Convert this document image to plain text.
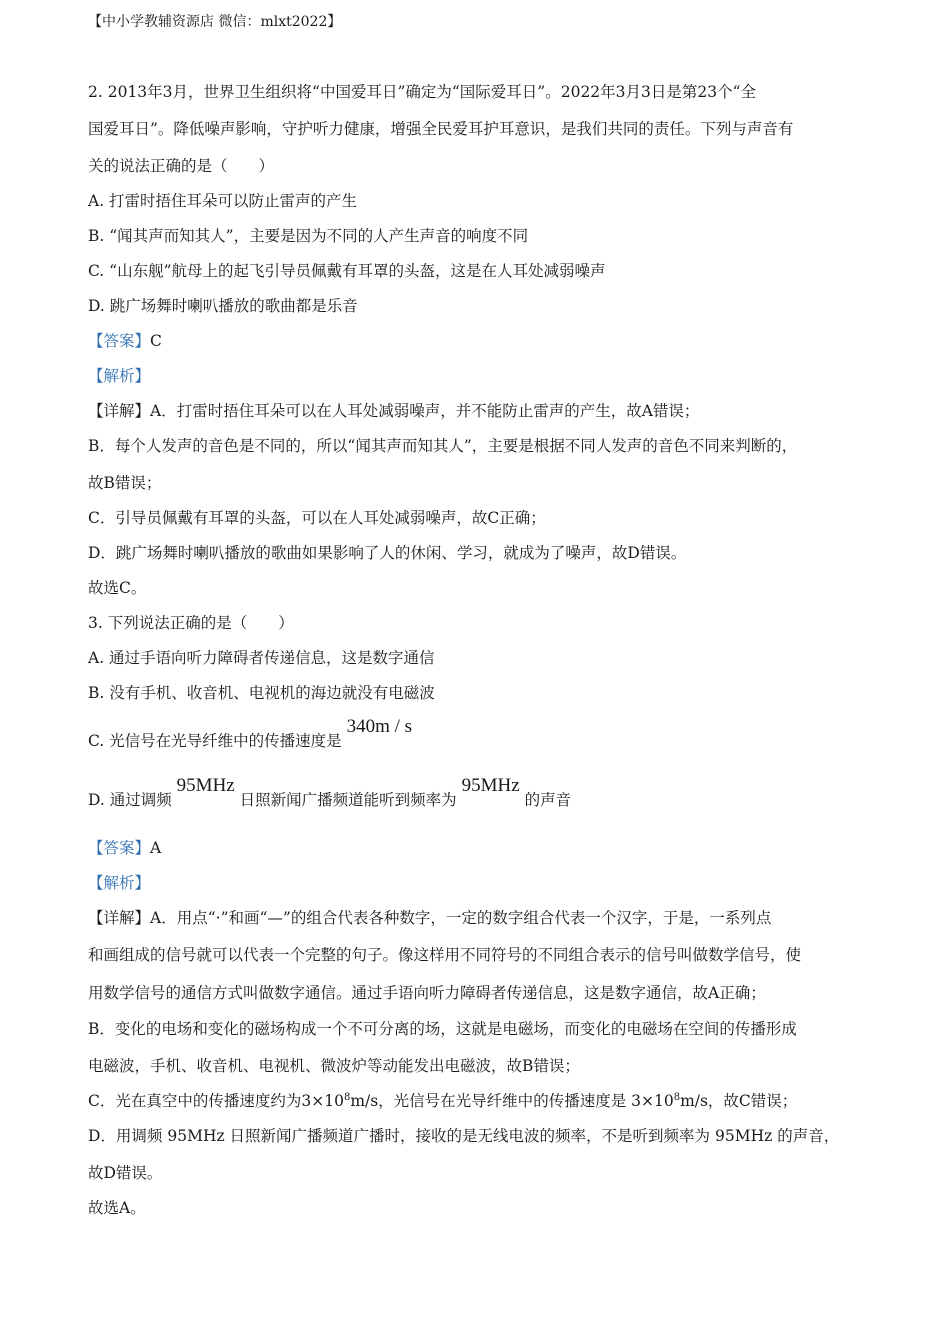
【中小学教辅资源店 微信：mlxt2022】
2. 2013年3月，世界卫生组织将“中国爱耳日”确定为“国际爱耳日”。2022年3月3日是第23个“全
国爱耳日”。降低噪声影响，守护听力健康，增强全民爱耳护耳意识，是我们共同的责任。下列与声音有
关的说法正确的是（　　）
A. 打雷时捂住耳朵可以防止雷声的产生
B. “闻其声而知其人”，主要是因为不同的人产生声音的响度不同
C. “山东舰”航母上的起飞引导员佩戴有耳罩的头盔，这是在人耳处减弱噪声
D. 跳广场舞时喇叭播放的歌曲都是乐音
【答案】C
【解析】
【详解】A．打雷时捂住耳朵可以在人耳处减弱噪声，并不能防止雷声的产生，故A错误；
B．每个人发声的音色是不同的，所以“闻其声而知其人”，主要是根据不同人发声的音色不同来判断的，
故B错误；
C．引导员佩戴有耳罩的头盔，可以在人耳处减弱噪声，故C正确；
D．跳广场舞时喇叭播放的歌曲如果影响了人的休闲、学习，就成为了噪声，故D错误。
故选C。
3. 下列说法正确的是（　　）
A. 通过手语向听力障碍者传递信息，这是数字通信
B. 没有手机、收音机、电视机的海边就没有电磁波
C. 光信号在光导纤维中的传播速度是 340m / s
D. 通过调频 95MHz 日照新闻广播频道能听到频率为 95MHz 的声音
【答案】A
【解析】
【详解】A．用点“·”和画“—”的组合代表各种数字，一定的数字组合代表一个汉字，于是，一系列点
和画组成的信号就可以代表一个完整的句子。像这样用不同符号的不同组合表示的信号叫做数学信号，使
用数学信号的通信方式叫做数字通信。通过手语向听力障碍者传递信息，这是数字通信，故A正确；
B．变化的电场和变化的磁场构成一个不可分离的场，这就是电磁场，而变化的电磁场在空间的传播形成
电磁波，手机、收音机、电视机、微波炉等动能发出电磁波，故B错误；
C．光在真空中的传播速度约为$3\times 10^8m/s$，光信号在光导纤维中的传播速度是 $3\times 10^8m/s$，故C错误；
D．用调频 95MHz 日照新闻广播频道广播时，接收的是无线电波的频率，不是听到频率为 95MHz 的声音，
故D错误。
故选A。
